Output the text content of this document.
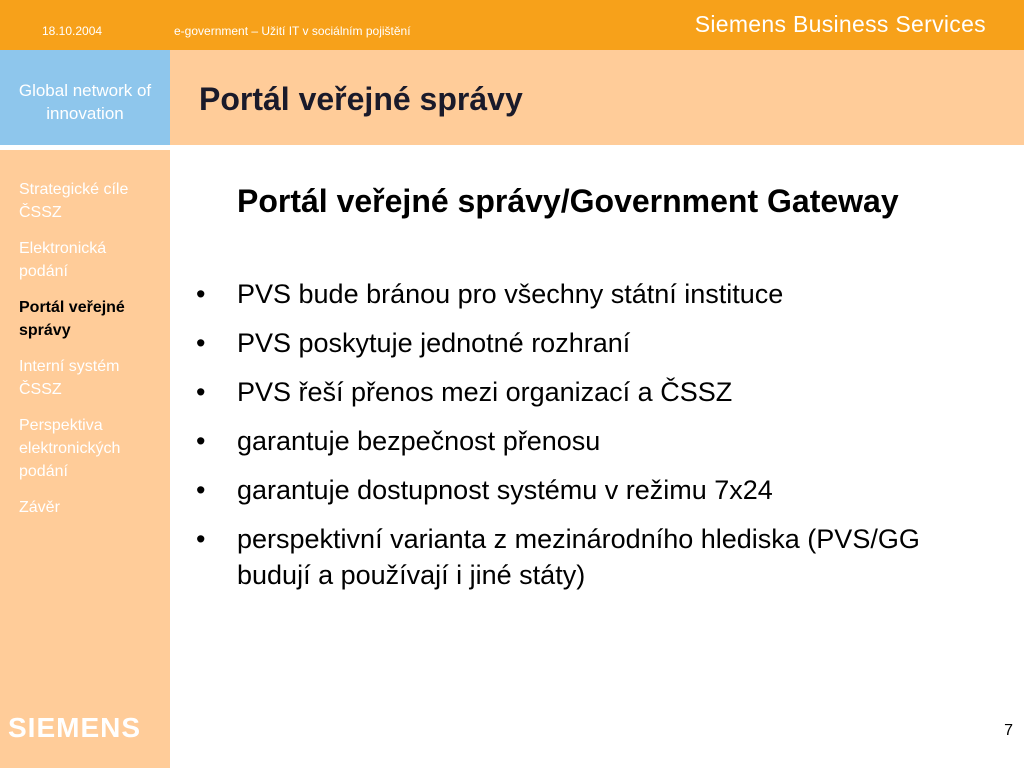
18.10.2004	e-government – Užití IT v sociálním pojištění	Siemens Business Services
Global network of innovation	Portál veřejné správy
Strategické cíle ČSSZ
Elektronická podání
Portál veřejné správy
Interní systém ČSSZ
Perspektiva elektronických podání
Závěr
SIEMENS
Portál veřejné správy/Government Gateway
• PVS bude bránou pro všechny státní instituce
• PVS poskytuje jednotné rozhraní
• PVS řeší přenos mezi organizací a ČSSZ
• garantuje bezpečnost přenosu
• garantuje dostupnost systému v režimu 7x24
• perspektivní varianta z mezinárodního hlediska (PVS/GG budují a používají i jiné státy)
7
